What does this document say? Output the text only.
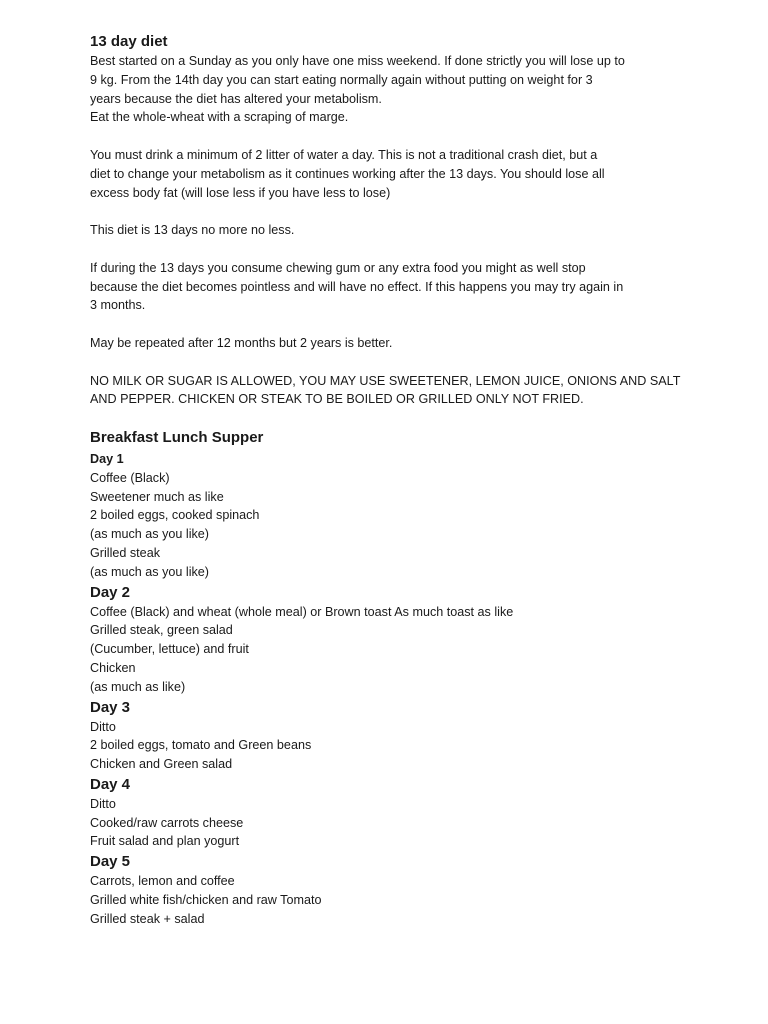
13 day diet

Best started on a Sunday as you only have one miss weekend. If done strictly you will lose up to
9 kg. From the 14th day you can start eating normally again without putting on weight for 3
years because the diet has altered your metabolism.
Eat the whole-wheat with a scraping of marge.

You must drink a minimum of 2 litter of water a day. This is not a traditional crash diet, but a
diet to change your metabolism as it continues working after the 13 days. You should lose all
excess body fat (will lose less if you have less to lose)

This diet is 13 days no more no less.

If during the 13 days you consume chewing gum or any extra food you might as well stop
because the diet becomes pointless and will have no effect. If this happens you may try again in
3 months.

May be repeated after 12 months but 2 years is better.

NO MILK OR SUGAR IS ALLOWED, YOU MAY USE SWEETENER, LEMON JUICE, ONIONS AND SALT
AND PEPPER. CHICKEN OR STEAK TO BE BOILED OR GRILLED ONLY NOT FRIED.

Breakfast Lunch Supper
Day 1
Coffee (Black)
Sweetener much as like
2 boiled eggs, cooked spinach
(as much as you like)
Grilled steak
(as much as you like)
Day 2
Coffee (Black) and wheat (whole meal) or Brown toast As much toast as like
Grilled steak, green salad
(Cucumber, lettuce) and fruit
Chicken
(as much as like)
Day 3
Ditto
2 boiled eggs, tomato and Green beans
Chicken and Green salad
Day 4
Ditto
Cooked/raw carrots cheese
Fruit salad and plan yogurt
Day 5
Carrots, lemon and coffee
Grilled white fish/chicken and raw Tomato
Grilled steak + salad
